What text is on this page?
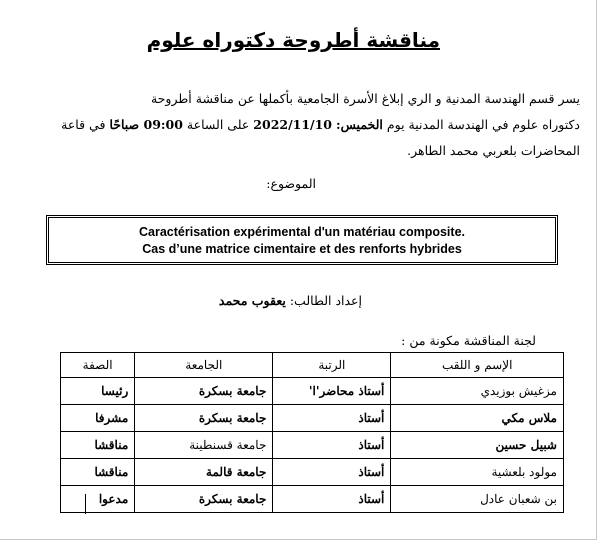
مناقشة أطروحة دكتوراه علوم
يسر قسم الهندسة المدنية و الري إبلاغ الأسرة الجامعية بأكملها عن مناقشة أطروحة
دكتوراه علوم في الهندسة المدنية يوم الخميس: 2022/11/10 على الساعة 09:00 صباحًا في قاعة
المحاضرات بلعربي محمد الطاهر.
الموضوع:
Caractérisation expérimental d'un matériau composite.
Cas d’une matrice cimentaire et des renforts hybrides
إعداد الطالب: يعقوب محمد
لجنة المناقشة مكونة من :
الإسم و اللقب	الرتبة	الجامعة	الصفة
مزغيش بوزيدي	أستاذ محاضر'ا'	جامعة بسكرة	رئيسا
ملاس مكي	أستاذ	جامعة بسكرة	مشرفا
شبيل حسين	أستاذ	جامعة قسنطينة	مناقشا
مولود بلعشية	أستاذ	جامعة قالمة	مناقشا
بن شعبان عادل	أستاذ	جامعة بسكرة	مدعوا
